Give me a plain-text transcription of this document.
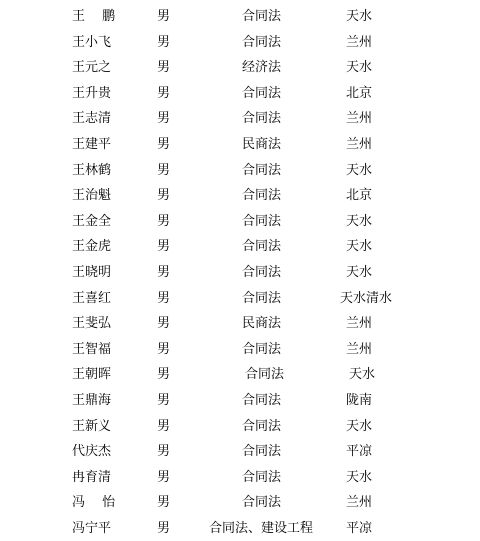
王　 鹏	男	合同法	天水
王小飞	男	合同法	兰州
王元之	男	经济法	天水
王升贵	男	合同法	北京
王志清	男	合同法	兰州
王建平	男	民商法	兰州
王林鹤	男	合同法	天水
王治魁	男	合同法	北京
王金全	男	合同法	天水
王金虎	男	合同法	天水
王晓明	男	合同法	天水
王喜红	男	合同法	天水清水
王斐弘	男	民商法	兰州
王智福	男	合同法	兰州
王朝晖	男	合同法	天水
王鼎海	男	合同法	陇南
王新义	男	合同法	天水
代庆杰	男	合同法	平凉
冉育清	男	合同法	天水
冯　 怡	男	合同法	兰州
冯宁平	男	合同法、建设工程	平凉
